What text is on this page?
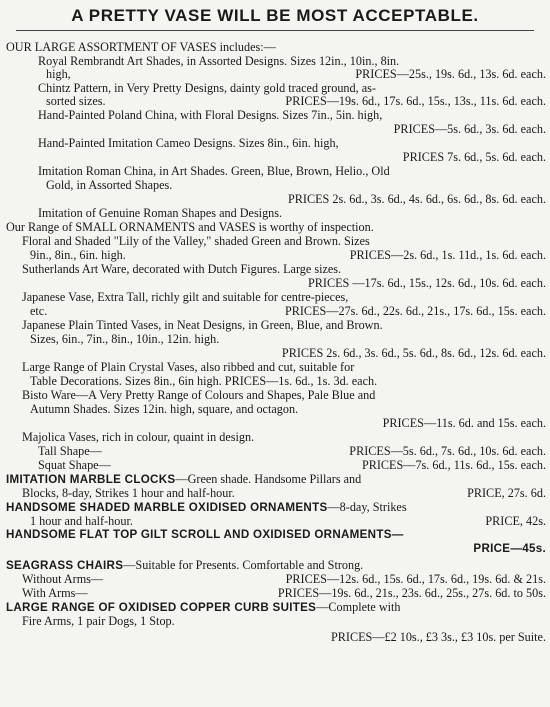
A PRETTY VASE WILL BE MOST ACCEPTABLE.
OUR LARGE ASSORTMENT OF VASES includes:—
Royal Rembrandt Art Shades, in Assorted Designs. Sizes 12in., 10in., 8in.
high,	PRICES—25s., 19s. 6d., 13s. 6d. each.
Chintz Pattern, in Very Pretty Designs, dainty gold traced ground, as-
sorted sizes.	PRICES—19s. 6d., 17s. 6d., 15s., 13s., 11s. 6d. each.
Hand-Painted Poland China, with Floral Designs. Sizes 7in., 5in. high,
PRICES—5s. 6d., 3s. 6d. each.
Hand-Painted Imitation Cameo Designs. Sizes 8in., 6in. high,
PRICES 7s. 6d., 5s. 6d. each.
Imitation Roman China, in Art Shades. Green, Blue, Brown, Helio., Old
Gold, in Assorted Shapes.
PRICES 2s. 6d., 3s. 6d., 4s. 6d., 6s. 6d., 8s. 6d. each.
Imitation of Genuine Roman Shapes and Designs.
Our Range of SMALL ORNAMENTS and VASES is worthy of inspection.
Floral and Shaded "Lily of the Valley," shaded Green and Brown. Sizes
9in., 8in., 6in. high.	PRICES—2s. 6d., 1s. 11d., 1s. 6d. each.
Sutherlands Art Ware, decorated with Dutch Figures. Large sizes.
PRICES —17s. 6d., 15s., 12s. 6d., 10s. 6d. each.
Japanese Vase, Extra Tall, richly gilt and suitable for centre-pieces,
etc.	PRICES—27s. 6d., 22s. 6d., 21s., 17s. 6d., 15s. each.
Japanese Plain Tinted Vases, in Neat Designs, in Green, Blue, and Brown.
Sizes, 6in., 7in., 8in., 10in., 12in. high.
PRICES 2s. 6d., 3s. 6d., 5s. 6d., 8s. 6d., 12s. 6d. each.
Large Range of Plain Crystal Vases, also ribbed and cut, suitable for
Table Decorations. Sizes 8in., 6in high. PRICES—1s. 6d., 1s. 3d. each.
Bisto Ware—A Very Pretty Range of Colours and Shapes, Pale Blue and
Autumn Shades. Sizes 12in. high, square, and octagon.
PRICES—11s. 6d. and 15s. each.
Majolica Vases, rich in colour, quaint in design.
Tall Shape—	PRICES—5s. 6d., 7s. 6d., 10s. 6d. each.
Squat Shape—	PRICES—7s. 6d., 11s. 6d., 15s. each.
IMITATION MARBLE CLOCKS—Green shade. Handsome Pillars and
Blocks, 8-day, Strikes 1 hour and half-hour.	PRICE, 27s. 6d.
HANDSOME SHADED MARBLE OXIDISED ORNAMENTS—8-day, Strikes
1 hour and half-hour.	PRICE, 42s.
HANDSOME FLAT TOP GILT SCROLL AND OXIDISED ORNAMENTS—
PRICE—45s.
SEAGRASS CHAIRS—Suitable for Presents. Comfortable and Strong.
Without Arms—	PRICES—12s. 6d., 15s. 6d., 17s. 6d., 19s. 6d. & 21s.
With Arms—	PRICES—19s. 6d., 21s., 23s. 6d., 25s., 27s. 6d. to 50s.
LARGE RANGE OF OXIDISED COPPER CURB SUITES—Complete with
Fire Arms, 1 pair Dogs, 1 Stop.
PRICES—£2 10s., £3 3s., £3 10s. per Suite.
